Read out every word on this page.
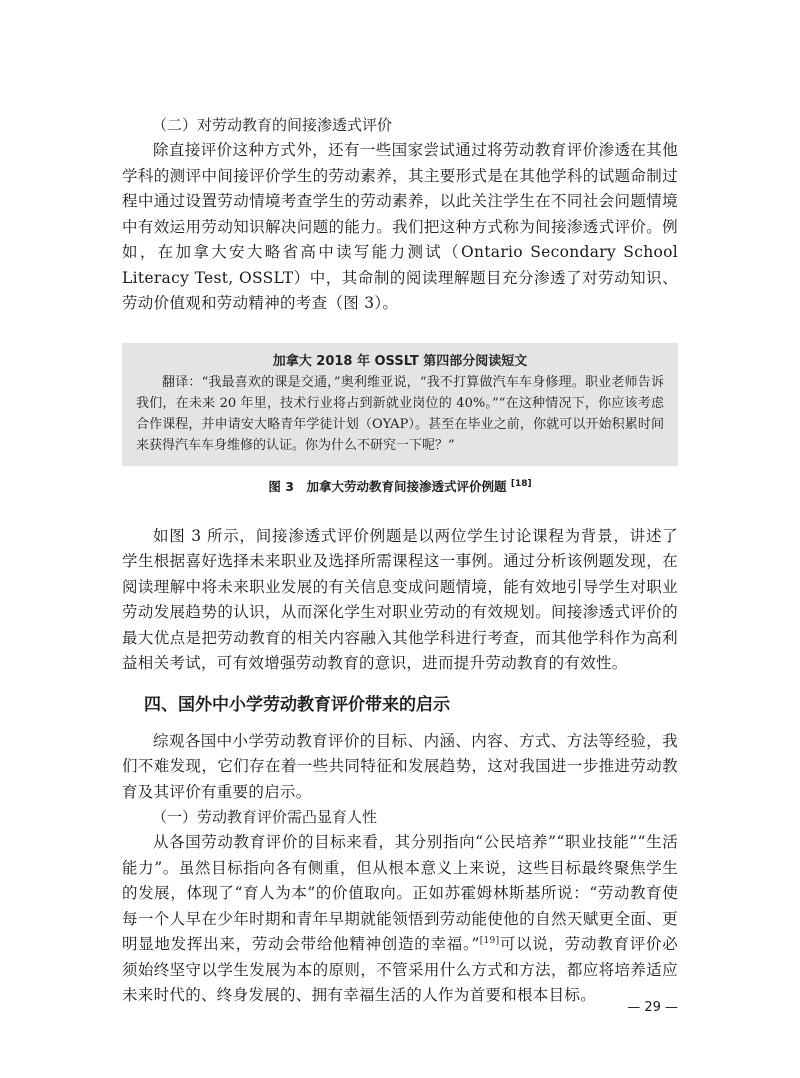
（二）对劳动教育的间接渗透式评价

除直接评价这种方式外，还有一些国家尝试通过将劳动教育评价渗透在其他学科的测评中间接评价学生的劳动素养，其主要形式是在其他学科的试题命制过程中通过设置劳动情境考查学生的劳动素养，以此关注学生在不同社会问题情境中有效运用劳动知识解决问题的能力。我们把这种方式称为间接渗透式评价。例如，在加拿大安大略省高中读写能力测试（Ontario Secondary School Literacy Test, OSSLT）中，其命制的阅读理解题目充分渗透了对劳动知识、劳动价值观和劳动精神的考查（图 3）。

加拿大 2018 年 OSSLT 第四部分阅读短文

翻译：“我最喜欢的课是交通，”奥利维亚说，“我不打算做汽车车身修理。职业老师告诉我们，在未来 20 年里，技术行业将占到新就业岗位的 40%。”“在这种情况下，你应该考虑合作课程，并申请安大略青年学徒计划（OYAP）。甚至在毕业之前，你就可以开始积累时间来获得汽车车身维修的认证。你为什么不研究一下呢？”

图 3　加拿大劳动教育间接渗透式评价例题 [18]

如图 3 所示，间接渗透式评价例题是以两位学生讨论课程为背景，讲述了学生根据喜好选择未来职业及选择所需课程这一事例。通过分析该例题发现，在阅读理解中将未来职业发展的有关信息变成问题情境，能有效地引导学生对职业劳动发展趋势的认识，从而深化学生对职业劳动的有效规划。间接渗透式评价的最大优点是把劳动教育的相关内容融入其他学科进行考查，而其他学科作为高利益相关考试，可有效增强劳动教育的意识，进而提升劳动教育的有效性。

四、国外中小学劳动教育评价带来的启示

综观各国中小学劳动教育评价的目标、内涵、内容、方式、方法等经验，我们不难发现，它们存在着一些共同特征和发展趋势，这对我国进一步推进劳动教育及其评价有重要的启示。

（一）劳动教育评价需凸显育人性

从各国劳动教育评价的目标来看，其分别指向“公民培养”“职业技能”“生活能力”。虽然目标指向各有侧重，但从根本意义上来说，这些目标最终聚焦学生的发展，体现了“育人为本”的价值取向。正如苏霍姆林斯基所说：“劳动教育使每一个人早在少年时期和青年早期就能领悟到劳动能使他的自然天赋更全面、更明显地发挥出来，劳动会带给他精神创造的幸福。”[19]可以说，劳动教育评价必须始终坚守以学生发展为本的原则，不管采用什么方式和方法，都应将培养适应未来时代的、终身发展的、拥有幸福生活的人作为首要和根本目标。

— 29 —
